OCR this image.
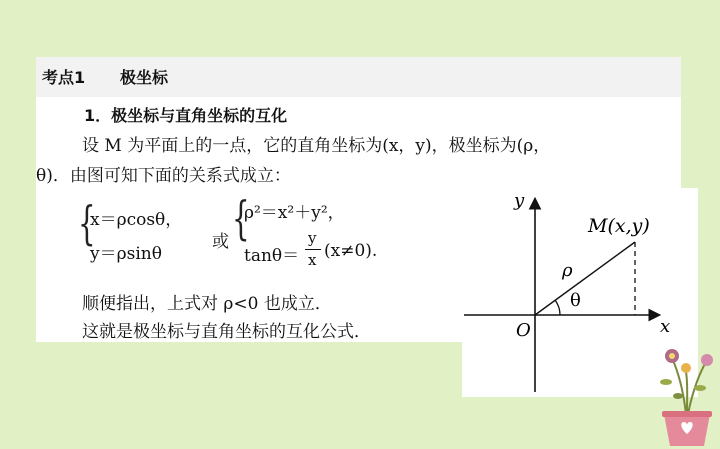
考点1 极坐标
1．极坐标与直角坐标的互化
设 M 为平面上的一点，它的直角坐标为(x，y)，极坐标为(ρ，
θ)．由图可知下面的关系式成立：
{
x＝ρcosθ，
y＝ρsinθ
或 {
ρ²＝x²＋y²，
tanθ＝
y
x (x≠0).
顺便指出，上式对 ρ<0 也成立．
这就是极坐标与直角坐标的互化公式．
y
x
O
M(x,y)
ρ
θ
